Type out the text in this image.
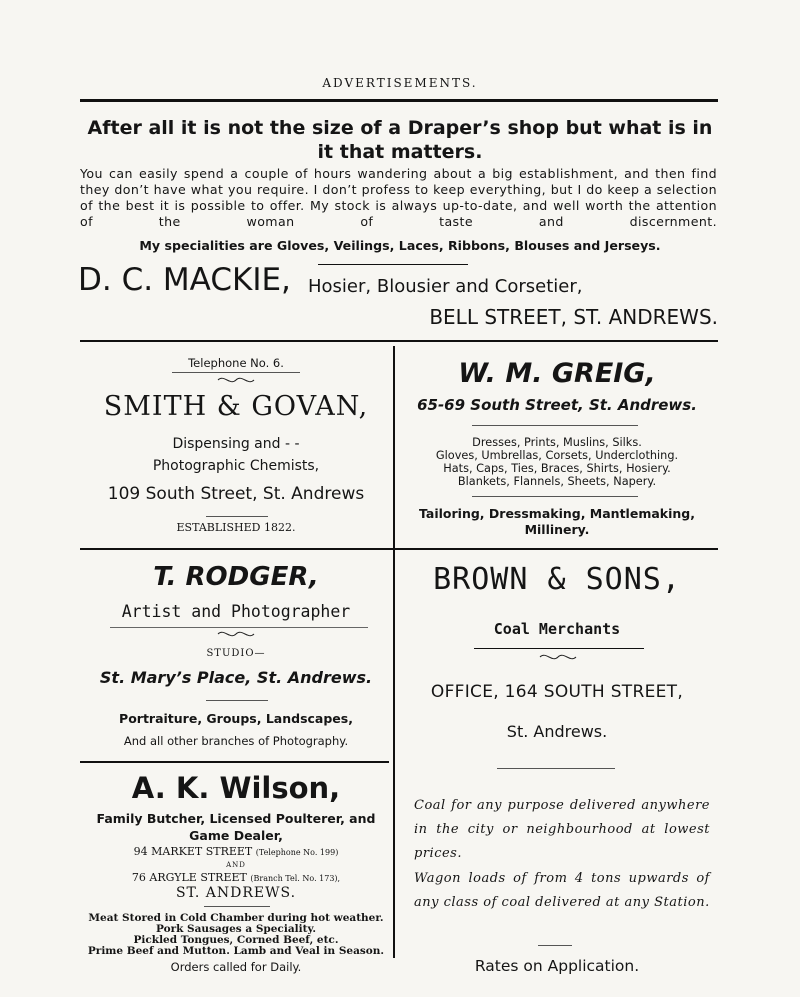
ADVERTISEMENTS.
After all it is not the size of a Draper’s shop but what is in it that matters.
You can easily spend a couple of hours wandering about a big establishment, and then find they don’t have what you require. I don’t profess to keep everything, but I do keep a selection of the best it is possible to offer. My stock is always up-to-date, and well worth the attention of the woman of taste and discernment.
My specialities are Gloves, Veilings, Laces, Ribbons, Blouses and Jerseys.
D. C. MACKIE, Hosier, Blousier and Corsetier,
BELL STREET, ST. ANDREWS.
Telephone No. 6.
SMITH & GOVAN,
Dispensing and - -
Photographic Chemists,
109 South Street, St. Andrews
ESTABLISHED 1822.
W. M. GREIG,
65-69 South Street, St. Andrews.
Dresses, Prints, Muslins, Silks.
Gloves, Umbrellas, Corsets, Underclothing.
Hats, Caps, Ties, Braces, Shirts, Hosiery.
Blankets, Flannels, Sheets, Napery.
Tailoring, Dressmaking, Mantlemaking,
Millinery.
T. RODGER,
Artist and Photographer
STUDIO—
St. Mary’s Place, St. Andrews.
Portraiture, Groups, Landscapes,
And all other branches of Photography.
BROWN & SONS,
Coal Merchants
OFFICE, 164 SOUTH STREET,
St. Andrews.
Coal for any purpose delivered anywhere in the city or neighbourhood at lowest prices.
Wagon loads of from 4 tons upwards of any class of coal delivered at any Station.
Rates on Application.
A. K. Wilson,
Family Butcher, Licensed Poulterer, and
Game Dealer,
94 MARKET STREET (Telephone No. 199)
AND
76 ARGYLE STREET (Branch Tel. No. 173),
ST. ANDREWS.
Meat Stored in Cold Chamber during hot weather.
Pork Sausages a Speciality.
Pickled Tongues, Corned Beef, etc.
Prime Beef and Mutton. Lamb and Veal in Season.
Orders called for Daily.
